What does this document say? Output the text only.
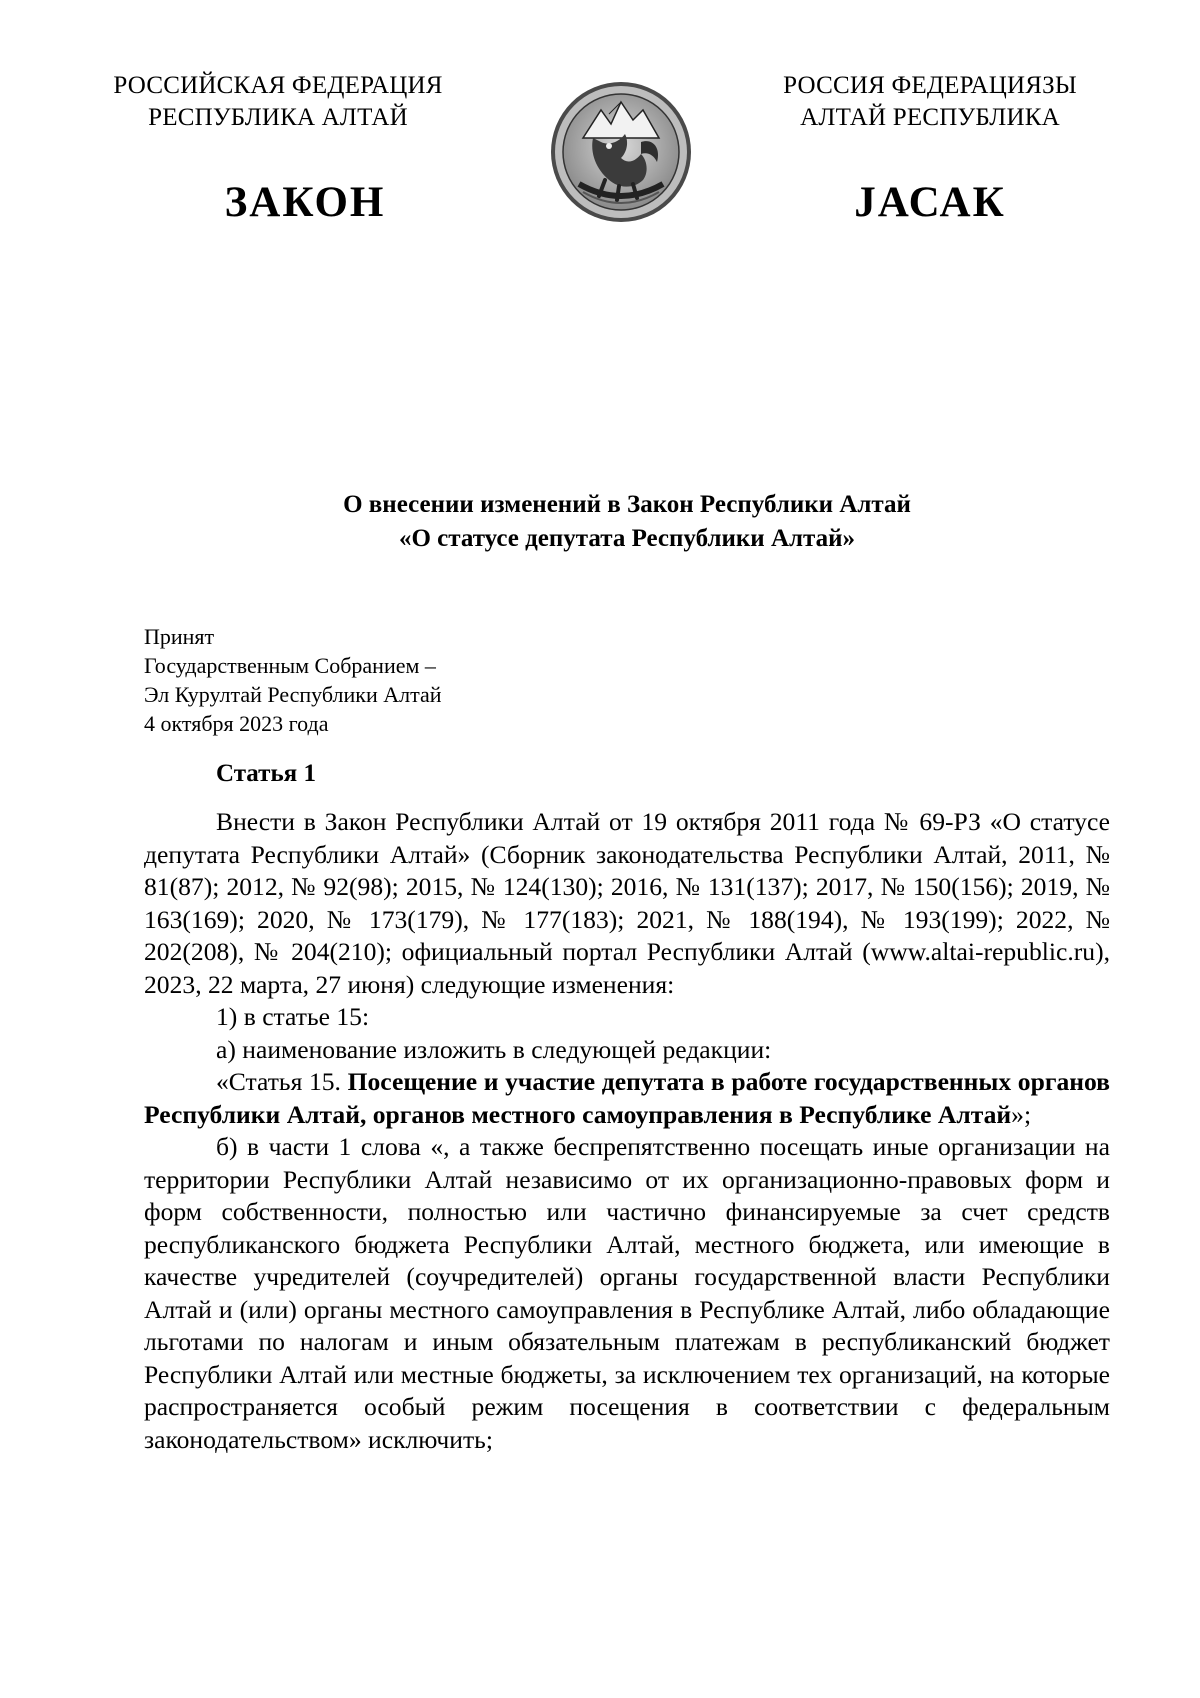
РОССИЙСКАЯ ФЕДЕРАЦИЯ
РЕСПУБЛИКА АЛТАЙ
РОССИЯ ФЕДЕРАЦИЯЗЫ
АЛТАЙ РЕСПУБЛИКА
ЗАКОН	JАСАК
О внесении изменений в Закон Республики Алтай
«О статусе депутата Республики Алтай»
Принят
Государственным Собранием –
Эл Курултай Республики Алтай
4 октября 2023 года
Статья 1

Внести в Закон Республики Алтай от 19 октября 2011 года № 69-РЗ «О статусе депутата Республики Алтай» (Сборник законодательства Республики Алтай, 2011, № 81(87); 2012, № 92(98); 2015, № 124(130); 2016, № 131(137); 2017, № 150(156); 2019, № 163(169); 2020, № 173(179), № 177(183); 2021, № 188(194), № 193(199); 2022, № 202(208), № 204(210); официальный портал Республики Алтай (www.altai-republic.ru), 2023, 22 марта, 27 июня) следующие изменения:

1) в статье 15:

а) наименование изложить в следующей редакции:

«Статья 15. Посещение и участие депутата в работе государственных органов Республики Алтай, органов местного самоуправления в Республике Алтай»;

б) в части 1 слова «, а также беспрепятственно посещать иные организации на территории Республики Алтай независимо от их организационно-правовых форм и форм собственности, полностью или частично финансируемые за счет средств республиканского бюджета Республики Алтай, местного бюджета, или имеющие в качестве учредителей (соучредителей) органы государственной власти Республики Алтай и (или) органы местного самоуправления в Республике Алтай, либо обладающие льготами по налогам и иным обязательным платежам в республиканский бюджет Республики Алтай или местные бюджеты, за исключением тех организаций, на которые распространяется особый режим посещения в соответствии с федеральным законодательством» исключить;
